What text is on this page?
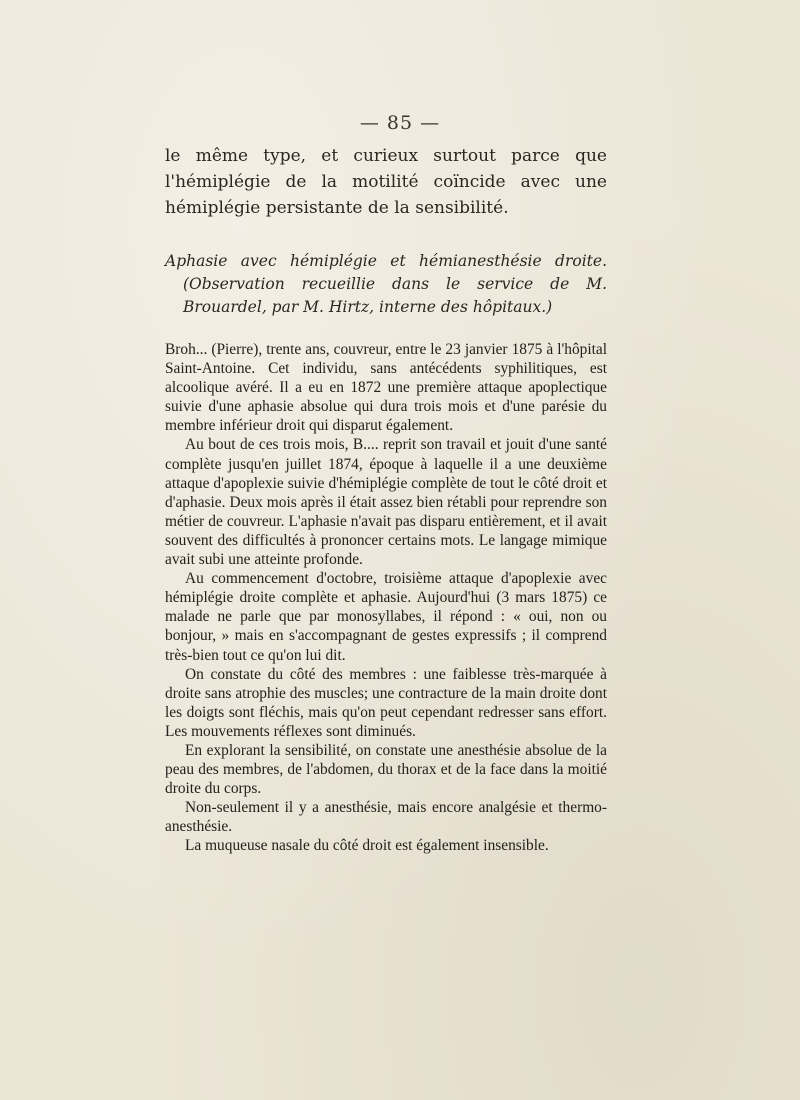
— 85 —

le même type, et curieux surtout parce que l'hémiplégie de la motilité coïncide avec une hémiplégie persistante de la sensibilité.

Aphasie avec hémiplégie et hémianesthésie droite. (Observation recueillie dans le service de M. Brouardel, par M. Hirtz, interne des hôpitaux.)

Broh... (Pierre), trente ans, couvreur, entre le 23 janvier 1875 à l'hôpital Saint-Antoine. Cet individu, sans antécédents syphilitiques, est alcoolique avéré. Il a eu en 1872 une première attaque apoplectique suivie d'une aphasie absolue qui dura trois mois et d'une parésie du membre inférieur droit qui disparut également.

Au bout de ces trois mois, B.... reprit son travail et jouit d'une santé complète jusqu'en juillet 1874, époque à laquelle il a une deuxième attaque d'apoplexie suivie d'hémiplégie complète de tout le côté droit et d'aphasie. Deux mois après il était assez bien rétabli pour reprendre son métier de couvreur. L'aphasie n'avait pas disparu entièrement, et il avait souvent des difficultés à prononcer certains mots. Le langage mimique avait subi une atteinte profonde.

Au commencement d'octobre, troisième attaque d'apoplexie avec hémiplégie droite complète et aphasie. Aujourd'hui (3 mars 1875) ce malade ne parle que par monosyllabes, il répond : « oui, non ou bonjour, » mais en s'accompagnant de gestes expressifs ; il comprend très-bien tout ce qu'on lui dit.

On constate du côté des membres : une faiblesse très-marquée à droite sans atrophie des muscles; une contracture de la main droite dont les doigts sont fléchis, mais qu'on peut cependant redresser sans effort. Les mouvements réflexes sont diminués.

En explorant la sensibilité, on constate une anesthésie absolue de la peau des membres, de l'abdomen, du thorax et de la face dans la moitié droite du corps.

Non-seulement il y a anesthésie, mais encore analgésie et thermo-anesthésie.

La muqueuse nasale du côté droit est également insensible.
